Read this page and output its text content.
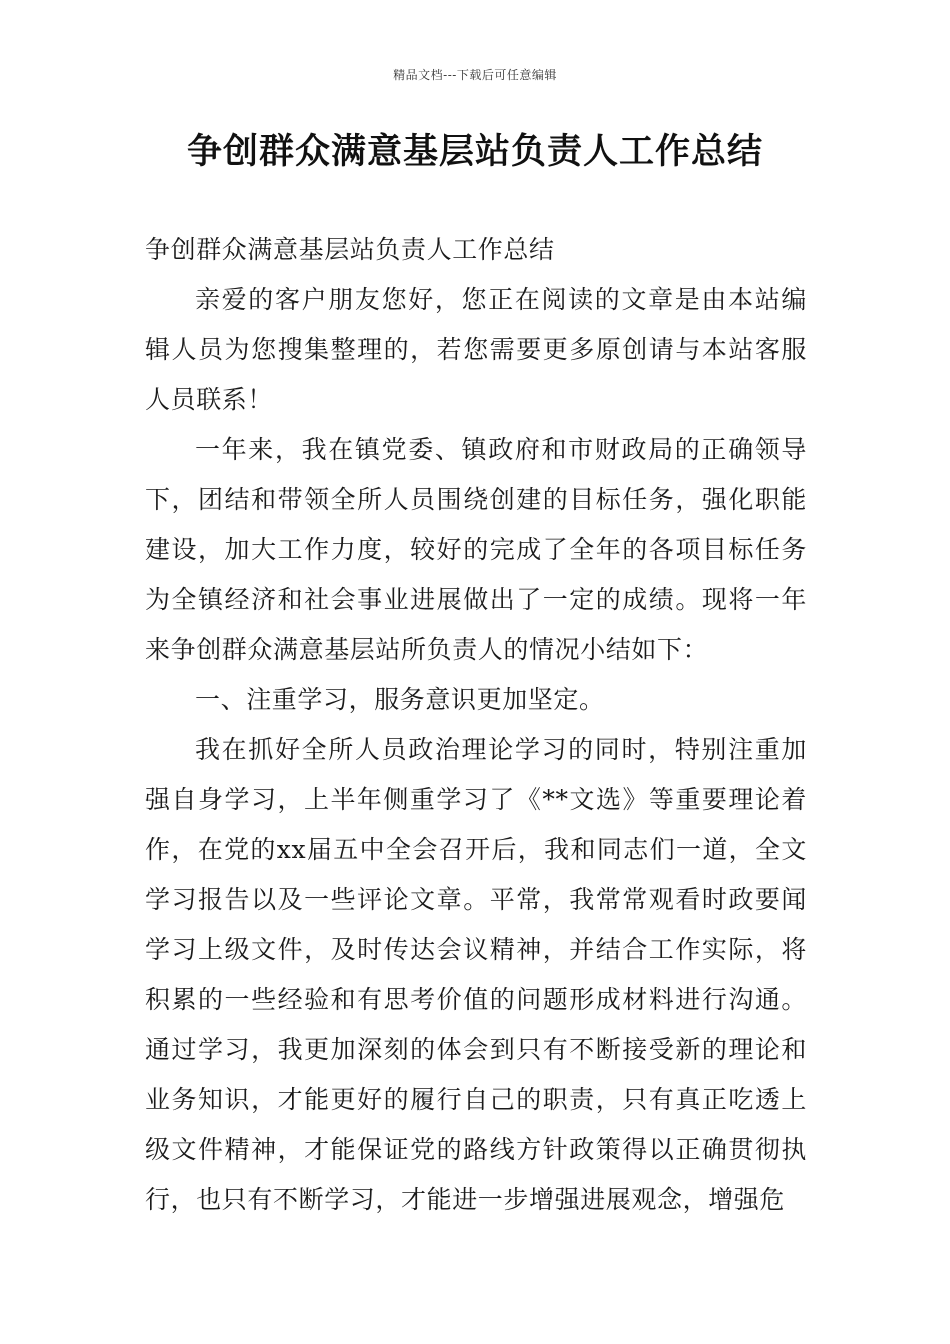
精品文档---下载后可任意编辑
争创群众满意基层站负责人工作总结

争创群众满意基层站负责人工作总结

亲爱的客户朋友您好，您正在阅读的文章是由本站编辑人员为您搜集整理的，若您需要更多原创请与本站客服人员联系！

一年来，我在镇党委、镇政府和市财政局的正确领导下，团结和带领全所人员围绕创建的目标任务，强化职能建设，加大工作力度，较好的完成了全年的各项目标任务为全镇经济和社会事业进展做出了一定的成绩。现将一年来争创群众满意基层站所负责人的情况小结如下：

一、注重学习，服务意识更加坚定。

我在抓好全所人员政治理论学习的同时，特别注重加强自身学习，上半年侧重学习了《**文选》等重要理论着作，在党的xx届五中全会召开后，我和同志们一道，全文学习报告以及一些评论文章。平常，我常常观看时政要闻学习上级文件，及时传达会议精神，并结合工作实际，将积累的一些经验和有思考价值的问题形成材料进行沟通。通过学习，我更加深刻的体会到只有不断接受新的理论和业务知识，才能更好的履行自己的职责，只有真正吃透上级文件精神，才能保证党的路线方针政策得以正确贯彻执行，也只有不断学习，才能进一步增强进展观念，增强危
